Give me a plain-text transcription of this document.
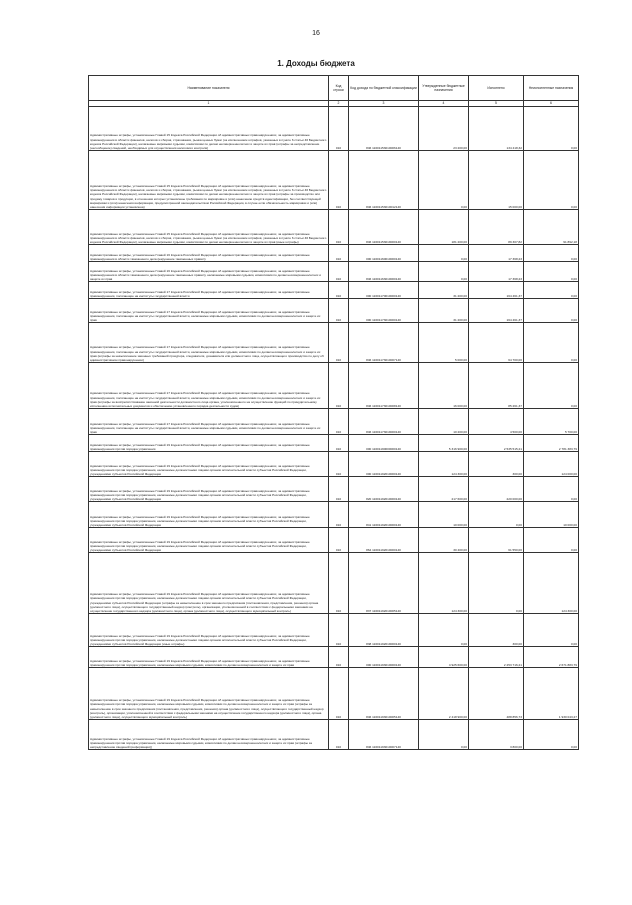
16
1. Доходы бюджета
Наименование показателя	Код строки	Код дохода по бюджетной классификации	Утвержденные бюджетные назначения	Исполнено	Неисполненные назначения
1	2	3	4	5	6
Административные штрафы, установленные Главой 15 Кодекса Российской Федерации об административных правонарушениях, за административные правонарушения в области финансов, налогов и сборов, страхования, рынка ценных бумаг (за исключением штрафов, указанных в пункте 6 статьи 46 Бюджетного кодекса Российской Федерации), налагаемые мировыми судьями, комиссиями по делам несовершеннолетних и защите их прав (штрафы за непредставление (несообщение) сведений, необходимых для осуществления налогового контроля)	010	846 11601153010006140	23 200,00	134 418,32	0,00
Административные штрафы, установленные Главой 15 Кодекса Российской Федерации об административных правонарушениях, за административные правонарушения в области финансов, налогов и сборов, страхования, рынка ценных бумаг (за исключением штрафов, указанных в пункте 6 статьи 46 Бюджетного кодекса Российской Федерации), налагаемые мировыми судьями, комиссиями по делам несовершеннолетних и защите их прав (штрафы за производство или продажу товаров и продукции, в отношении которых установлены требования по маркировке и (или) нанесению средств идентификации, без соответствующей маркировки и (или) нанесения информации, предусмотренной законодательством Российской Федерации, в случае если обязательность маркировки и (или) нанесения информации установлена)	010	846 11601153010012140	0,00	15 000,00	0,00
Административные штрафы, установленные Главой 15 Кодекса Российской Федерации об административных правонарушениях, за административные правонарушения в области финансов, налогов и сборов, страхования, рынка ценных бумаг (за исключением штрафов, указанных в пункте 6 статьи 46 Бюджетного кодекса Российской Федерации), налагаемые мировыми судьями, комиссиями по делам несовершеннолетних и защите их прав (иные штрафы)	010	846 11601153019000140	181 200,00	89 307,82	91 892,18
Административные штрафы, установленные Главой 16 Кодекса Российской Федерации об административных правонарушениях, за административные правонарушения в области таможенного дела (нарушение таможенных правил)	010	000 11601160010000140	0,00	17 368,23	0,00
Административные штрафы, установленные Главой 16 Кодекса Российской Федерации об административных правонарушениях, за административные правонарушения в области таможенного дела (нарушение таможенных правил), налагаемые мировыми судьями, комиссиями по делам несовершеннолетних и защите их прав	010	846 11601163010000140	0,00	17 368,23	0,00
Административные штрафы, установленные Главой 17 Кодекса Российской Федерации об административных правонарушениях, за административные правонарушения, посягающие на институты государственной власти	010	000 11601170010000140	31 200,00	164 461,37	0,00
Административные штрафы, установленные Главой 17 Кодекса Российской Федерации об административных правонарушениях, за административные правонарушения, посягающие на институты государственной власти, налагаемые мировыми судьями, комиссиями по делам несовершеннолетних и защите их прав	010	000 11601173010000140	31 200,00	164 461,37	0,00
Административные штрафы, установленные Главой 17 Кодекса Российской Федерации об административных правонарушениях, за административные правонарушения, посягающие на институты государственной власти, налагаемые мировыми судьями, комиссиями по делам несовершеннолетних и защите их прав (штрафы за невыполнение законных требований прокурора, следователя, дознавателя или должностного лица, осуществляющего производство по делу об административном правонарушении)	010	846 11601173010007140	5 000,00	64 700,00	0,00
Административные штрафы, установленные Главой 17 Кодекса Российской Федерации об административных правонарушениях, за административные правонарушения, посягающие на институты государственной власти, налагаемые мировыми судьями, комиссиями по делам несовершеннолетних и защите их прав (штрафы за воспрепятствование законной деятельности должностного лица органа, уполномоченного на осуществление функций по принудительному исполнению исполнительных документов и обеспечению установленного порядка деятельности судов)	010	846 11601173010008140	16 000,00	85 261,37	0,00
Административные штрафы, установленные Главой 17 Кодекса Российской Федерации об административных правонарушениях, за административные правонарушения, посягающие на институты государственной власти, налагаемые мировыми судьями, комиссиями по делам несовершеннолетних и защите их прав	010	846 11601173019000140	10 200,00	4 500,00	5 700,00
Административные штрафы, установленные Главой 19 Кодекса Российской Федерации об административных правонарушениях, за административные правонарушения против порядка управления	010	000 11601190000000140	5 316 900,00	2 535 515,21	2 781 383,79
Административные штрафы, установленные Главой 19 Кодекса Российской Федерации об административных правонарушениях, за административные правонарушения против порядка управления, налагаемые должностными лицами органов исполнительной власти субъектов Российской Федерации, учреждениями субъектов Российской Федерации	010	000 11601192010000140	124 300,00	300,00	124 000,00
Административные штрафы, установленные Главой 19 Кодекса Российской Федерации об административных правонарушениях, за административные правонарушения против порядка управления, налагаемые должностными лицами органов исполнительной власти субъектов Российской Федерации, учреждениями субъектов Российской Федерации	010	820 11601192010000140	217 600,00	220 000,00	0,00
Административные штрафы, установленные Главой 19 Кодекса Российской Федерации об административных правонарушениях, за административные правонарушения против порядка управления, налагаемые должностными лицами органов исполнительной власти субъектов Российской Федерации, учреждениями субъектов Российской Федерации	010	841 11601192010000140	10 000,00	0,00	10 000,00
Административные штрафы, установленные Главой 19 Кодекса Российской Федерации об административных правонарушениях, за административные правонарушения против порядка управления, налагаемые должностными лицами органов исполнительной власти субъектов Российской Федерации, учреждениями субъектов Российской Федерации	010	864 11601192010000140	30 400,00	61 550,00	0,00
Административные штрафы, установленные Главой 19 Кодекса Российской Федерации об административных правонарушениях, за административные правонарушения против порядка управления, налагаемые должностными лицами органов исполнительной власти субъектов Российской Федерации, учреждениями субъектов Российской Федерации (штрафы за невыполнение в срок законного предписания (постановления, представления, решения) органа (должностного лица), осуществляющего государственный надзор (контроль), организации, уполномоченной в соответствии с федеральными законами на осуществление государственного надзора (должностного лица), органа (должностного лица), осуществляющего муниципальный контроль)	010	837 11601192010005140	124 300,00	0,00	124 300,00
Административные штрафы, установленные Главой 19 Кодекса Российской Федерации об административных правонарушениях, за административные правонарушения против порядка управления, налагаемые должностными лицами органов исполнительной власти субъектов Российской Федерации, учреждениями субъектов Российской Федерации (иные штрафы)	010	838 11601192019000140	0,00	300,00	0,00
Административные штрафы, установленные Главой 19 Кодекса Российской Федерации об административных правонарушениях, за административные правонарушения против порядка управления, налагаемые мировыми судьями, комиссиями по делам несовершеннолетних и защите их прав	010	000 11601193010000140	4 925 600,00	2 253 716,21	2 671 883,79
Административные штрафы, установленные Главой 19 Кодекса Российской Федерации об административных правонарушениях, за административные правонарушения против порядка управления, налагаемые мировыми судьями, комиссиями по делам несовершеннолетних и защите их прав (штрафы за невыполнение в срок законного предписания (постановления, представления, решения) органа (должностного лица), осуществляющего государственный надзор (контроль), организации, уполномоченной в соответствии с федеральными законами на осуществление государственного надзора (должностного лица), органа (должностного лица), осуществляющего муниципальный контроль)	010	846 11601193010005140	2 418 900,00	488 856,73	1 930 043,27
Административные штрафы, установленные Главой 19 Кодекса Российской Федерации об административных правонарушениях, за административные правонарушения против порядка управления, налагаемые мировыми судьями, комиссиями по делам несовершеннолетних и защите их прав (штрафы за непредставление сведений (информации))	010	846 11601193010007140	0,00	3 800,00	0,00
